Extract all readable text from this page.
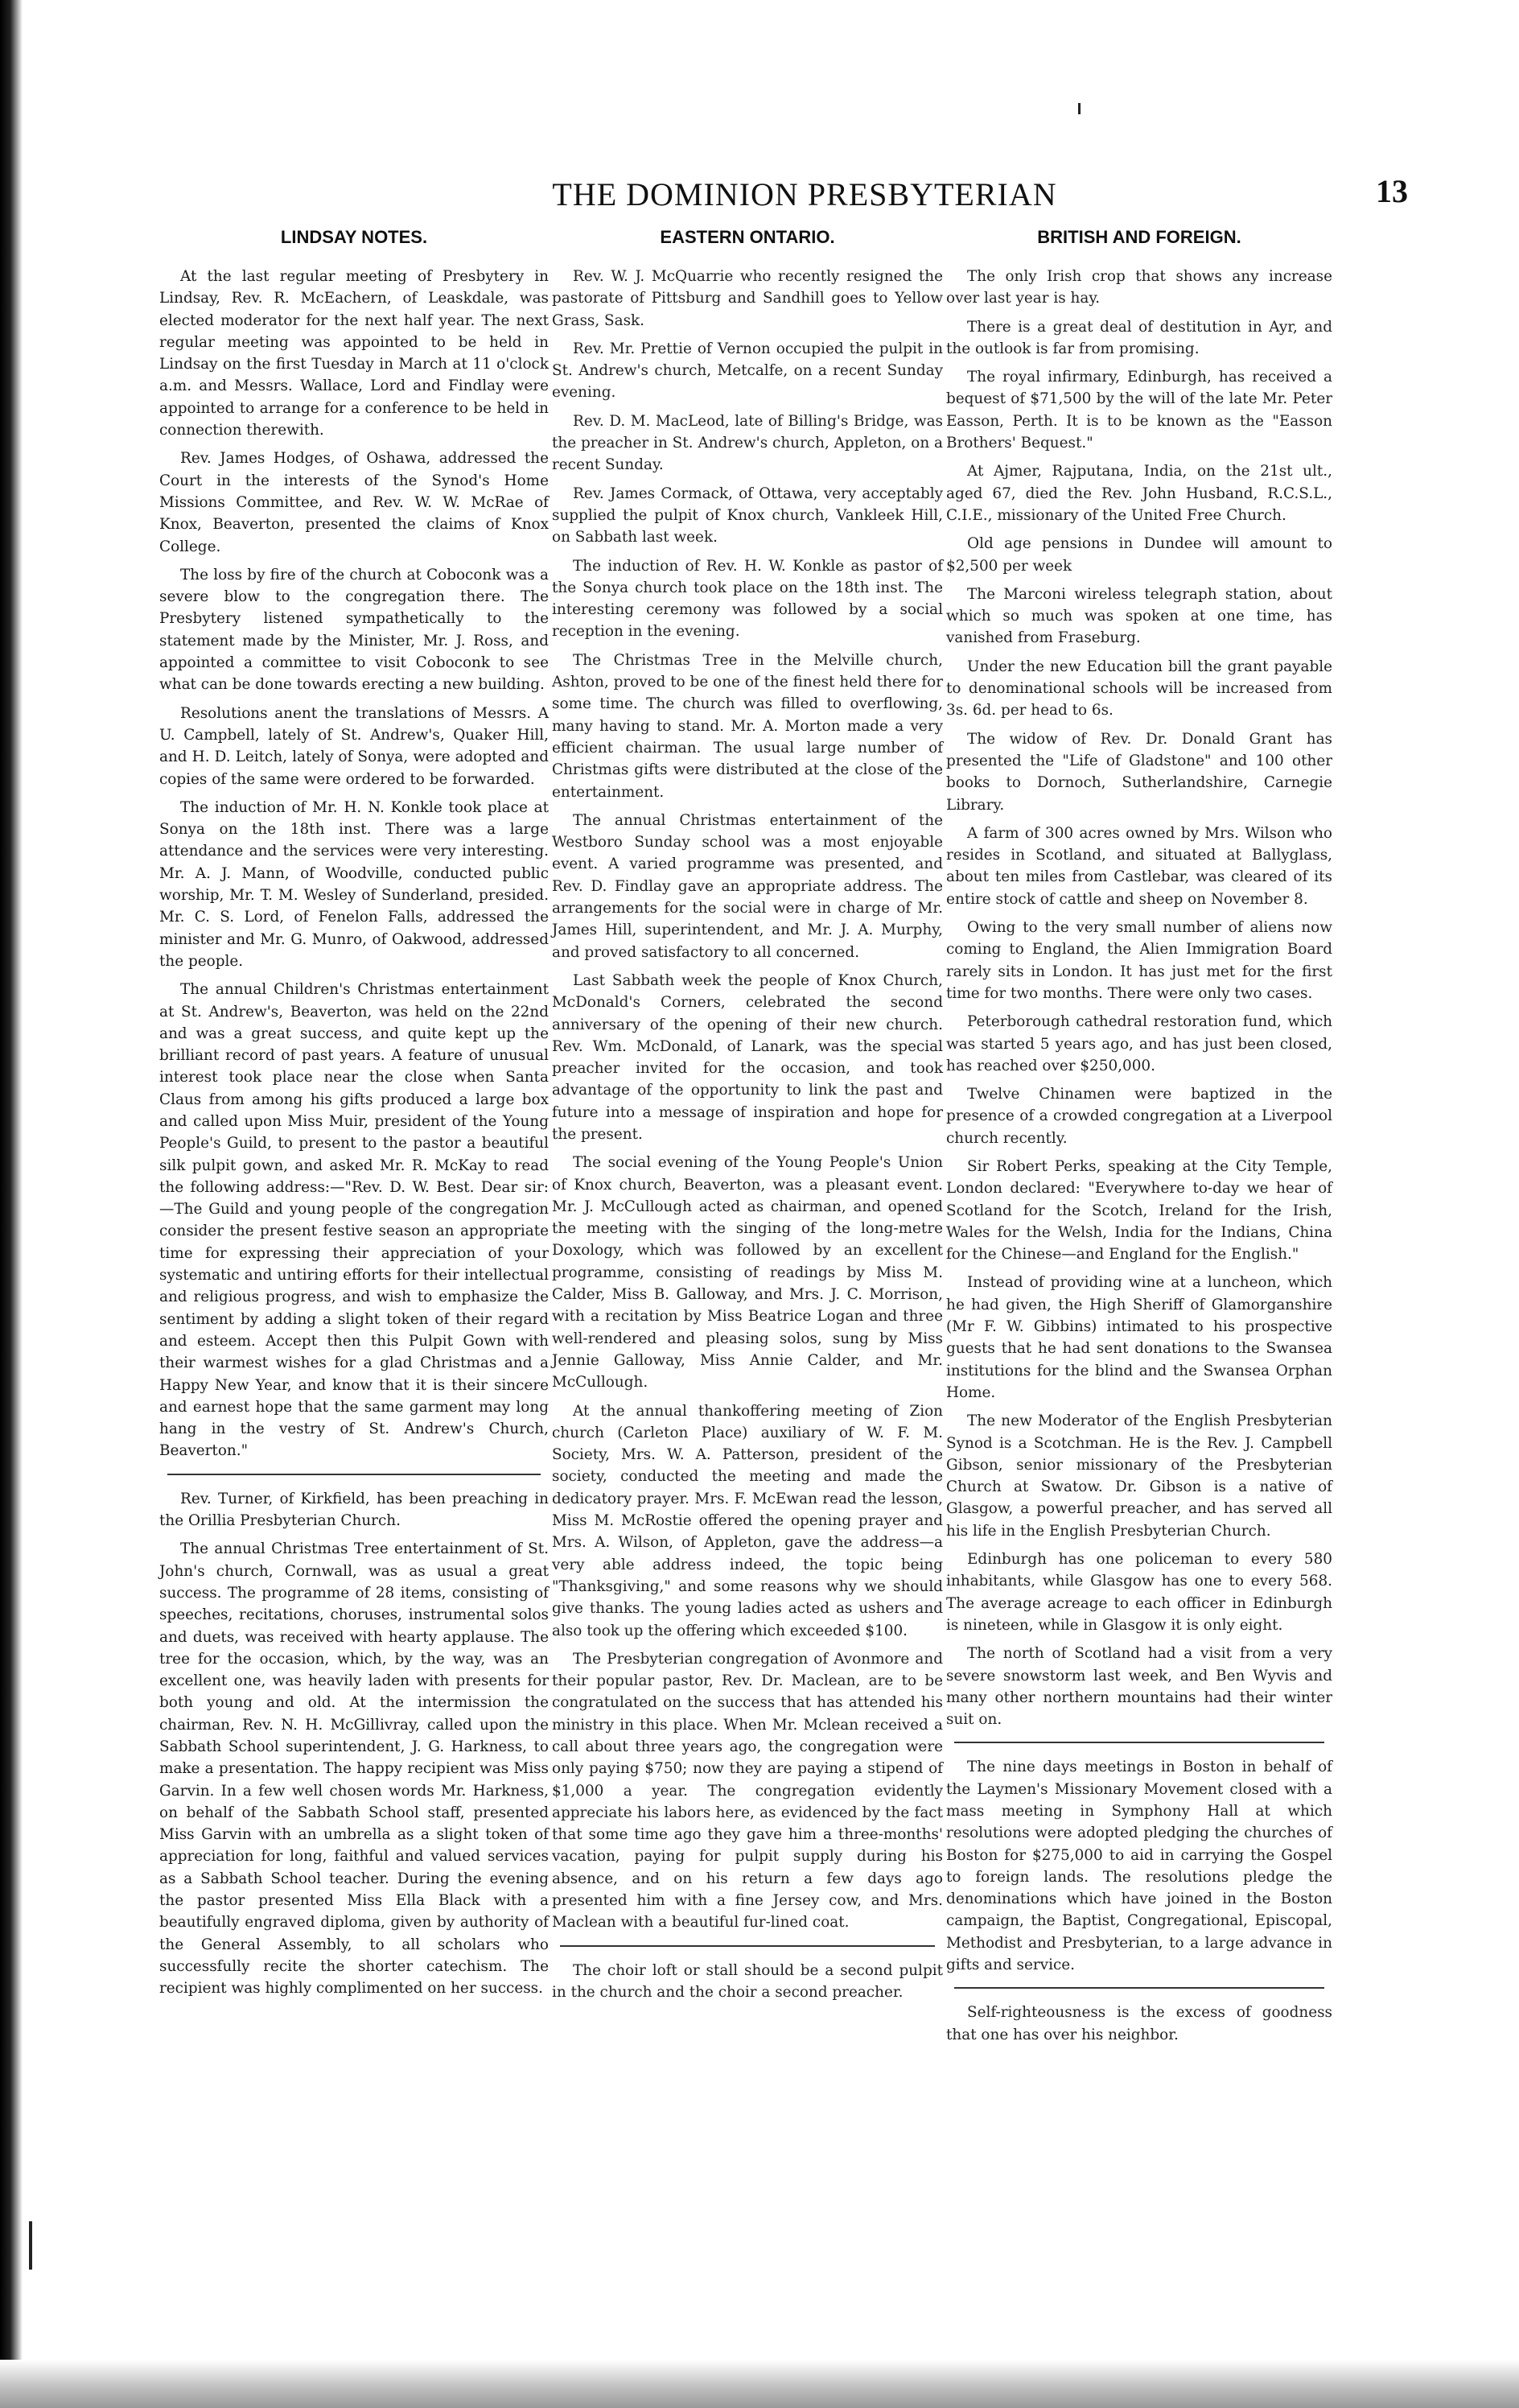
THE DOMINION PRESBYTERIAN	13
LINDSAY NOTES.

At the last regular meeting of Presbytery in Lindsay, Rev. R. McEachern, of Leaskdale, was elected moderator for the next half year. The next regular meeting was appointed to be held in Lindsay on the first Tuesday in March at 11 o'clock a.m. and Messrs. Wallace, Lord and Findlay were appointed to arrange for a conference to be held in connection therewith.

Rev. James Hodges, of Oshawa, addressed the Court in the interests of the Synod's Home Missions Committee, and Rev. W. W. McRae of Knox, Beaverton, presented the claims of Knox College.

The loss by fire of the church at Coboconk was a severe blow to the congregation there. The Presbytery listened sympathetically to the statement made by the Minister, Mr. J. Ross, and appointed a committee to visit Coboconk to see what can be done towards erecting a new building.

Resolutions anent the translations of Messrs. A U. Campbell, lately of St. Andrew's, Quaker Hill, and H. D. Leitch, lately of Sonya, were adopted and copies of the same were ordered to be forwarded.

The induction of Mr. H. N. Konkle took place at Sonya on the 18th inst. There was a large attendance and the services were very interesting. Mr. A. J. Mann, of Woodville, conducted public worship, Mr. T. M. Wesley of Sunderland, presided. Mr. C. S. Lord, of Fenelon Falls, addressed the minister and Mr. G. Munro, of Oakwood, addressed the people.

The annual Children's Christmas entertainment at St. Andrew's, Beaverton, was held on the 22nd and was a great success, and quite kept up the brilliant record of past years. A feature of unusual interest took place near the close when Santa Claus from among his gifts produced a large box and called upon Miss Muir, president of the Young People's Guild, to present to the pastor a beautiful silk pulpit gown, and asked Mr. R. McKay to read the following address:—"Rev. D. W. Best. Dear sir:—The Guild and young people of the congregation consider the present festive season an appropriate time for expressing their appreciation of your systematic and untiring efforts for their intellectual and religious progress, and wish to emphasize the sentiment by adding a slight token of their regard and esteem. Accept then this Pulpit Gown with their warmest wishes for a glad Christmas and a Happy New Year, and know that it is their sincere and earnest hope that the same garment may long hang in the vestry of St. Andrew's Church, Beaverton."

Rev. Turner, of Kirkfield, has been preaching in the Orillia Presbyterian Church.

The annual Christmas Tree entertainment of St. John's church, Cornwall, was as usual a great success. The programme of 28 items, consisting of speeches, recitations, choruses, instrumental solos and duets, was received with hearty applause. The tree for the occasion, which, by the way, was an excellent one, was heavily laden with presents for both young and old. At the intermission the chairman, Rev. N. H. McGillivray, called upon the Sabbath School superintendent, J. G. Harkness, to make a presentation. The happy recipient was Miss Garvin. In a few well chosen words Mr. Harkness, on behalf of the Sabbath School staff, presented Miss Garvin with an umbrella as a slight token of appreciation for long, faithful and valued services as a Sabbath School teacher. During the evening the pastor presented Miss Ella Black with a beautifully engraved diploma, given by authority of the General Assembly, to all scholars who successfully recite the shorter catechism. The recipient was highly complimented on her success.

EASTERN ONTARIO.

Rev. W. J. McQuarrie who recently resigned the pastorate of Pittsburg and Sandhill goes to Yellow Grass, Sask.

Rev. Mr. Prettie of Vernon occupied the pulpit in St. Andrew's church, Metcalfe, on a recent Sunday evening.

Rev. D. M. MacLeod, late of Billing's Bridge, was the preacher in St. Andrew's church, Appleton, on a recent Sunday.

Rev. James Cormack, of Ottawa, very acceptably supplied the pulpit of Knox church, Vankleek Hill, on Sabbath last week.

The induction of Rev. H. W. Konkle as pastor of the Sonya church took place on the 18th inst. The interesting ceremony was followed by a social reception in the evening.

The Christmas Tree in the Melville church, Ashton, proved to be one of the finest held there for some time. The church was filled to overflowing, many having to stand. Mr. A. Morton made a very efficient chairman. The usual large number of Christmas gifts were distributed at the close of the entertainment.

The annual Christmas entertainment of the Westboro Sunday school was a most enjoyable event. A varied programme was presented, and Rev. D. Findlay gave an appropriate address. The arrangements for the social were in charge of Mr. James Hill, superintendent, and Mr. J. A. Murphy, and proved satisfactory to all concerned.

Last Sabbath week the people of Knox Church, McDonald's Corners, celebrated the second anniversary of the opening of their new church. Rev. Wm. McDonald, of Lanark, was the special preacher invited for the occasion, and took advantage of the opportunity to link the past and future into a message of inspiration and hope for the present.

The social evening of the Young People's Union of Knox church, Beaverton, was a pleasant event. Mr. J. McCullough acted as chairman, and opened the meeting with the singing of the long-metre Doxology, which was followed by an excellent programme, consisting of readings by Miss M. Calder, Miss B. Galloway, and Mrs. J. C. Morrison, with a recitation by Miss Beatrice Logan and three well-rendered and pleasing solos, sung by Miss Jennie Galloway, Miss Annie Calder, and Mr. McCullough.

At the annual thankoffering meeting of Zion church (Carleton Place) auxiliary of W. F. M. Society, Mrs. W. A. Patterson, president of the society, conducted the meeting and made the dedicatory prayer. Mrs. F. McEwan read the lesson, Miss M. McRostie offered the opening prayer and Mrs. A. Wilson, of Appleton, gave the address—a very able address indeed, the topic being "Thanksgiving," and some reasons why we should give thanks. The young ladies acted as ushers and also took up the offering which exceeded $100.

The Presbyterian congregation of Avonmore and their popular pastor, Rev. Dr. Maclean, are to be congratulated on the success that has attended his ministry in this place. When Mr. Mclean received a call about three years ago, the congregation were only paying $750; now they are paying a stipend of $1,000 a year. The congregation evidently appreciate his labors here, as evidenced by the fact that some time ago they gave him a three-months' vacation, paying for pulpit supply during his absence, and on his return a few days ago presented him with a fine Jersey cow, and Mrs. Maclean with a beautiful fur-lined coat.

The choir loft or stall should be a second pulpit in the church and the choir a second preacher.

BRITISH AND FOREIGN.

The only Irish crop that shows any increase over last year is hay.

There is a great deal of destitution in Ayr, and the outlook is far from promising.

The royal infirmary, Edinburgh, has received a bequest of $71,500 by the will of the late Mr. Peter Easson, Perth. It is to be known as the "Easson Brothers' Bequest."

At Ajmer, Rajputana, India, on the 21st ult., aged 67, died the Rev. John Husband, R.C.S.L., C.I.E., missionary of the United Free Church.

Old age pensions in Dundee will amount to $2,500 per week

The Marconi wireless telegraph station, about which so much was spoken at one time, has vanished from Fraseburg.

Under the new Education bill the grant payable to denominational schools will be increased from 3s. 6d. per head to 6s.

The widow of Rev. Dr. Donald Grant has presented the "Life of Gladstone" and 100 other books to Dornoch, Sutherlandshire, Carnegie Library.

A farm of 300 acres owned by Mrs. Wilson who resides in Scotland, and situated at Ballyglass, about ten miles from Castlebar, was cleared of its entire stock of cattle and sheep on November 8.

Owing to the very small number of aliens now coming to England, the Alien Immigration Board rarely sits in London. It has just met for the first time for two months. There were only two cases.

Peterborough cathedral restoration fund, which was started 5 years ago, and has just been closed, has reached over $250,000.

Twelve Chinamen were baptized in the presence of a crowded congregation at a Liverpool church recently.

Sir Robert Perks, speaking at the City Temple, London declared: "Everywhere to-day we hear of Scotland for the Scotch, Ireland for the Irish, Wales for the Welsh, India for the Indians, China for the Chinese—and England for the English."

Instead of providing wine at a luncheon, which he had given, the High Sheriff of Glamorganshire (Mr F. W. Gibbins) intimated to his prospective guests that he had sent donations to the Swansea institutions for the blind and the Swansea Orphan Home.

The new Moderator of the English Presbyterian Synod is a Scotchman. He is the Rev. J. Campbell Gibson, senior missionary of the Presbyterian Church at Swatow. Dr. Gibson is a native of Glasgow, a powerful preacher, and has served all his life in the English Presbyterian Church.

Edinburgh has one policeman to every 580 inhabitants, while Glasgow has one to every 568. The average acreage to each officer in Edinburgh is nineteen, while in Glasgow it is only eight.

The north of Scotland had a visit from a very severe snowstorm last week, and Ben Wyvis and many other northern mountains had their winter suit on.

The nine days meetings in Boston in behalf of the Laymen's Missionary Movement closed with a mass meeting in Symphony Hall at which resolutions were adopted pledging the churches of Boston for $275,000 to aid in carrying the Gospel to foreign lands. The resolutions pledge the denominations which have joined in the Boston campaign, the Baptist, Congregational, Episcopal, Methodist and Presbyterian, to a large advance in gifts and service.

Self-righteousness is the excess of goodness that one has over his neighbor.
